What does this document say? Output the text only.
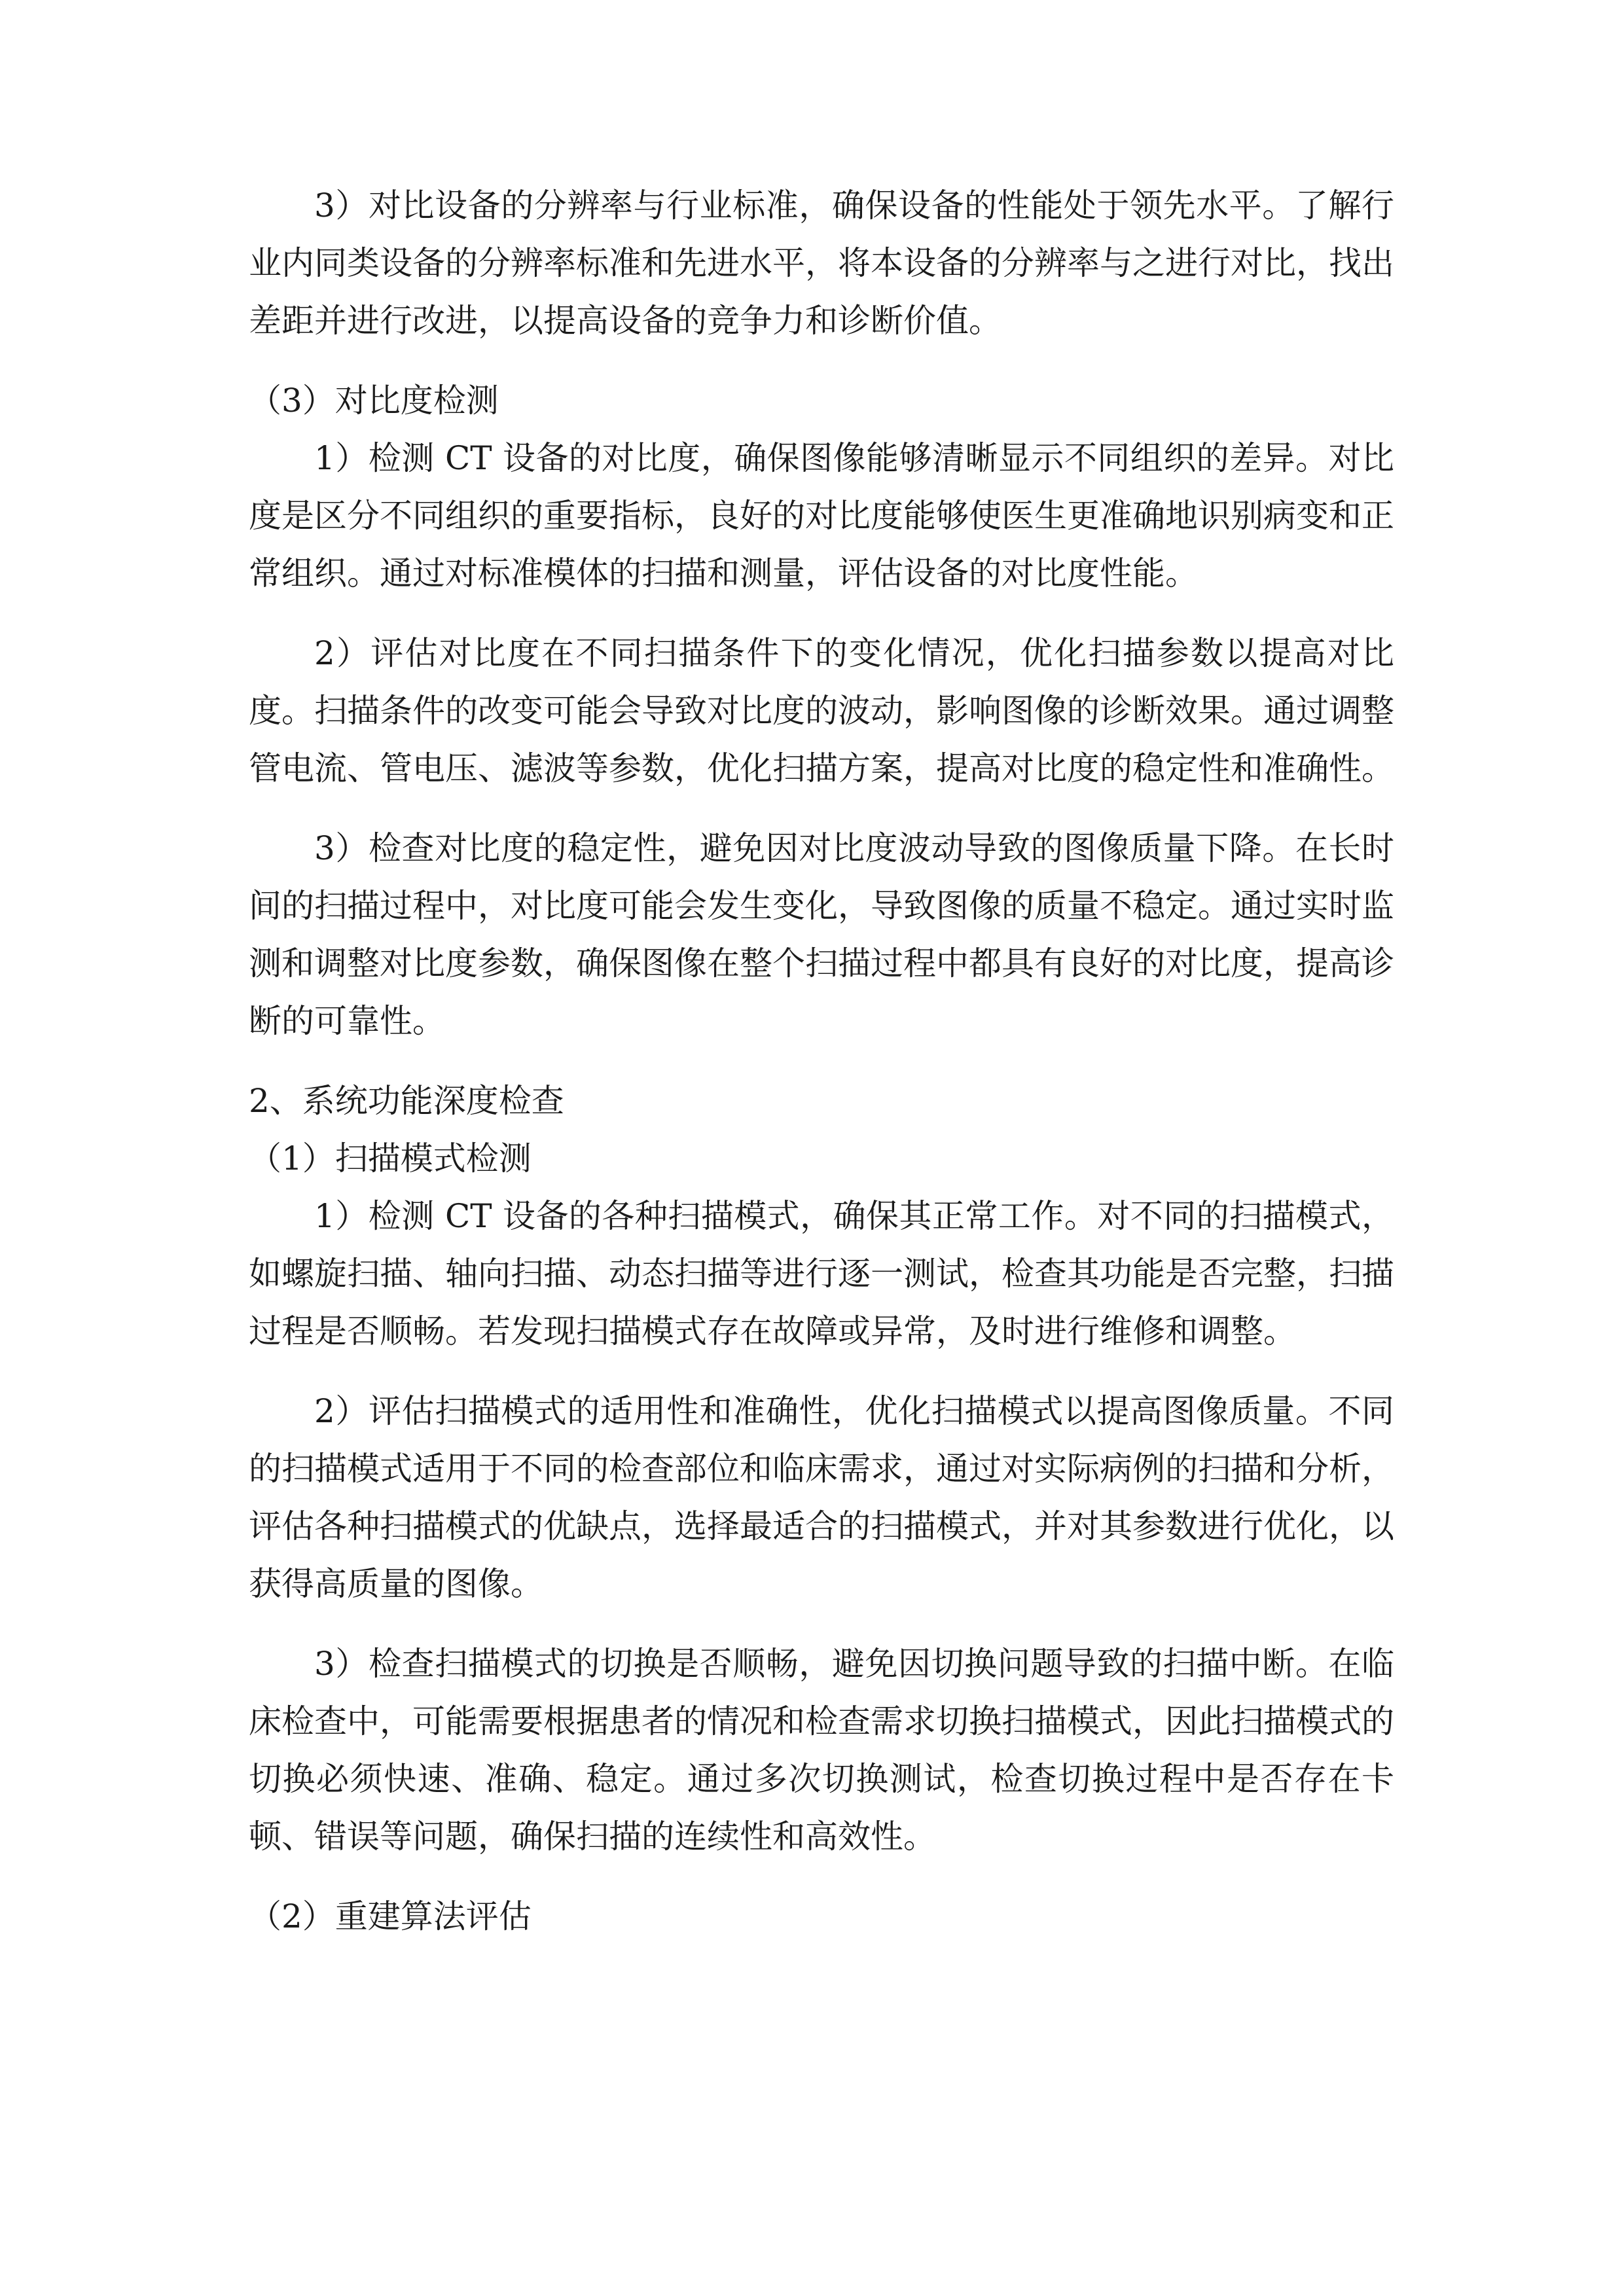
3）对比设备的分辨率与行业标准，确保设备的性能处于领先水平。了解行业内同类设备的分辨率标准和先进水平，将本设备的分辨率与之进行对比，找出差距并进行改进，以提高设备的竞争力和诊断价值。

（3）对比度检测

1）检测 CT 设备的对比度，确保图像能够清晰显示不同组织的差异。对比度是区分不同组织的重要指标，良好的对比度能够使医生更准确地识别病变和正常组织。通过对标准模体的扫描和测量，评估设备的对比度性能。

2）评估对比度在不同扫描条件下的变化情况，优化扫描参数以提高对比度。扫描条件的改变可能会导致对比度的波动，影响图像的诊断效果。通过调整管电流、管电压、滤波等参数，优化扫描方案，提高对比度的稳定性和准确性。

3）检查对比度的稳定性，避免因对比度波动导致的图像质量下降。在长时间的扫描过程中，对比度可能会发生变化，导致图像的质量不稳定。通过实时监测和调整对比度参数，确保图像在整个扫描过程中都具有良好的对比度，提高诊断的可靠性。

2、系统功能深度检查

（1）扫描模式检测

1）检测 CT 设备的各种扫描模式，确保其正常工作。对不同的扫描模式，如螺旋扫描、轴向扫描、动态扫描等进行逐一测试，检查其功能是否完整，扫描过程是否顺畅。若发现扫描模式存在故障或异常，及时进行维修和调整。

2）评估扫描模式的适用性和准确性，优化扫描模式以提高图像质量。不同的扫描模式适用于不同的检查部位和临床需求，通过对实际病例的扫描和分析，评估各种扫描模式的优缺点，选择最适合的扫描模式，并对其参数进行优化，以获得高质量的图像。

3）检查扫描模式的切换是否顺畅，避免因切换问题导致的扫描中断。在临床检查中，可能需要根据患者的情况和检查需求切换扫描模式，因此扫描模式的切换必须快速、准确、稳定。通过多次切换测试，检查切换过程中是否存在卡顿、错误等问题，确保扫描的连续性和高效性。

（2）重建算法评估
